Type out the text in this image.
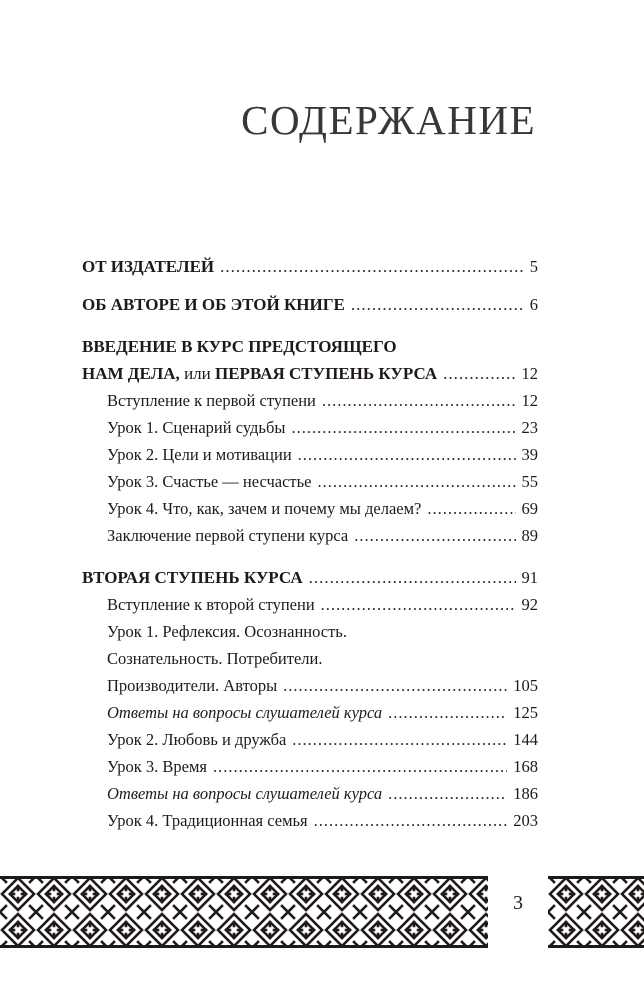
СОДЕРЖАНИЕ
ОТ ИЗДАТЕЛЕЙ .....	5
ОБ АВТОРЕ И ОБ ЭТОЙ КНИГЕ .....	6
ВВЕДЕНИЕ В КУРС ПРЕДСТОЯЩЕГО
НАМ ДЕЛА, или ПЕРВАЯ СТУПЕНЬ КУРСА .....	12
Вступление к первой ступени .....	12
Урок 1. Сценарий судьбы .....	23
Урок 2. Цели и мотивации .....	39
Урок 3. Счастье — несчастье .....	55
Урок 4. Что, как, зачем и почему мы делаем? .....	69
Заключение первой ступени курса .....	89
ВТОРАЯ СТУПЕНЬ КУРСА .....	91
Вступление к второй ступени .....	92
Урок 1. Рефлексия. Осознанность.
Сознательность. Потребители.
Производители. Авторы .....	105
Ответы на вопросы слушателей курса .....	125
Урок 2. Любовь и дружба .....	144
Урок 3. Время .....	168
Ответы на вопросы слушателей курса .....	186
Урок 4. Традиционная семья .....	203
3
